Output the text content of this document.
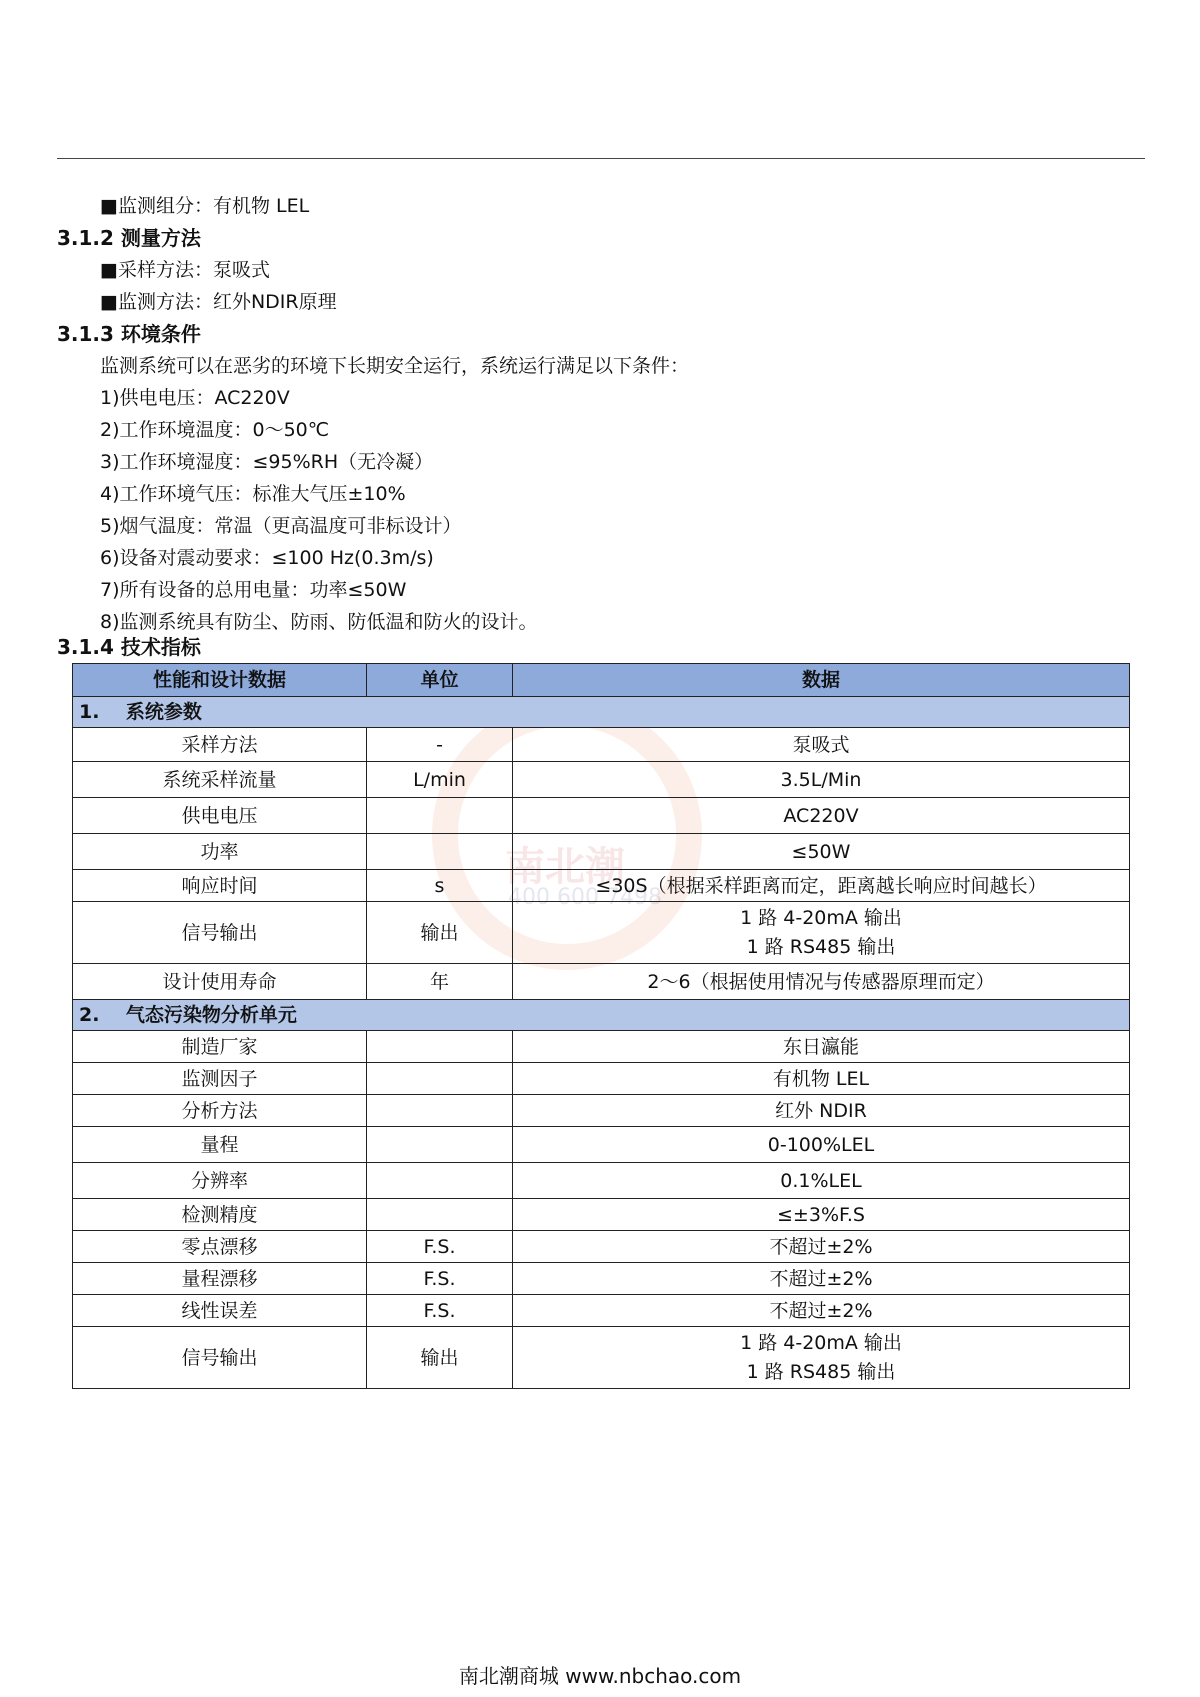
南北潮
400 600 7498
■ 监测组分：有机物 LEL
3.1.2 测量方法
■ 采样方法：泵吸式
■ 监测方法：红外NDIR原理
3.1.3 环境条件
监测系统可以在恶劣的环境下长期安全运行，系统运行满足以下条件：
1)供电电压：AC220V
2)工作环境温度：0～50℃
3)工作环境湿度：≤95%RH（无冷凝）
4)工作环境气压：标准大气压±10%
5)烟气温度：常温（更高温度可非标设计）
6)设备对震动要求：≤100 Hz(0.3m/s)
7)所有设备的总用电量：功率≤50W
8)监测系统具有防尘、防雨、防低温和防火的设计。
3.1.4 技术指标
性能和设计数据	单位	数据
1.    系统参数		
采样方法	-	泵吸式
系统采样流量	L/min	3.5L/Min
供电电压		AC220V
功率		≤50W
响应时间	s	≤30S（根据采样距离而定，距离越长响应时间越长）
信号输出	输出	1 路 4-20mA 输出
1 路 RS485 输出
设计使用寿命	年	2～6（根据使用情况与传感器原理而定）
2.    气态污染物分析单元		
制造厂家		东日瀛能
监测因子		有机物 LEL
分析方法		红外 NDIR
量程		0-100%LEL
分辨率		0.1%LEL
检测精度		≤±3%F.S
零点漂移	F.S.	不超过±2%
量程漂移	F.S.	不超过±2%
线性误差	F.S.	不超过±2%
信号输出	输出	1 路 4-20mA 输出
1 路 RS485 输出
南北潮商城 www.nbchao.com
